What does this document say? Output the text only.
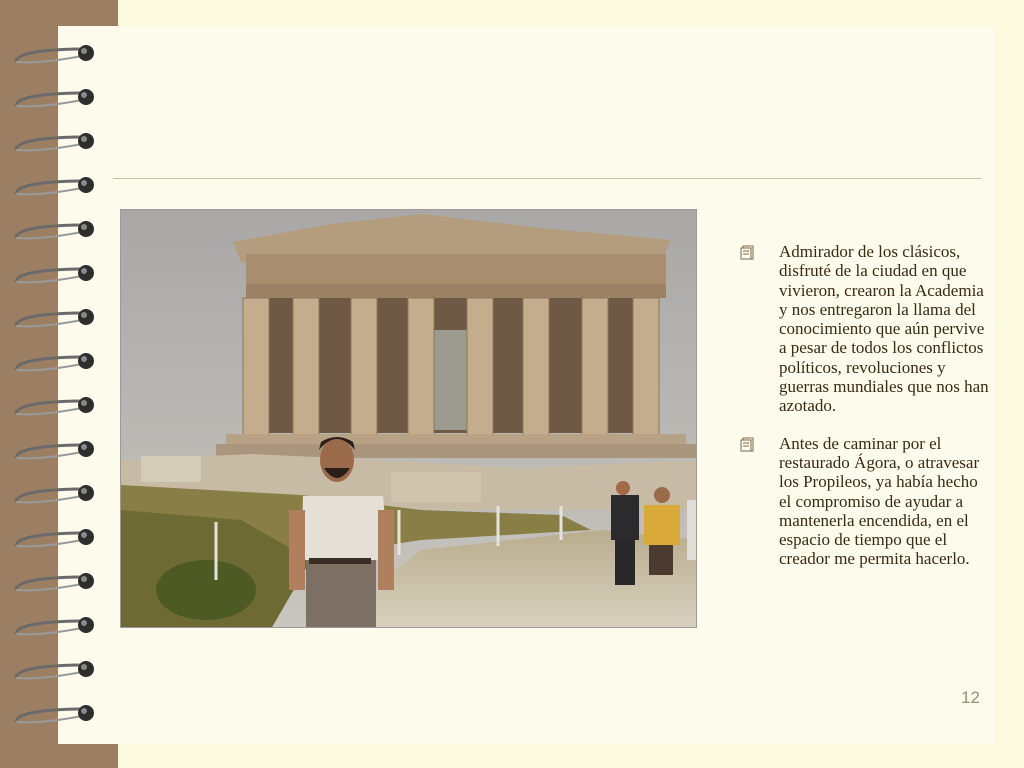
Admirador de los clásicos, disfruté de la ciudad en que vivieron, crearon la Academia y nos entregaron la llama del conocimiento que aún pervive a pesar de todos los conflictos políticos, revoluciones y guerras mundiales que nos han azotado.
Antes de caminar por el restaurado Ágora, o atravesar los Propileos, ya había hecho el compromiso de ayudar a mantenerla encendida, en el espacio de tiempo que el creador me permita hacerlo.
12
